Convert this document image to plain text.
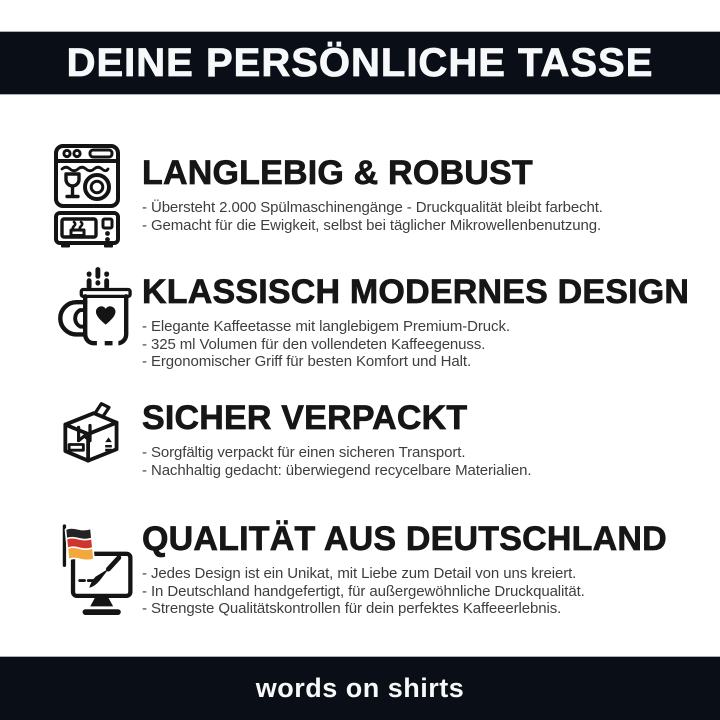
DEINE PERSÖNLICHE TASSE
LANGLEBIG & ROBUST
- Übersteht 2.000 Spülmaschinengänge - Druckqualität bleibt farbecht.
- Gemacht für die Ewigkeit, selbst bei täglicher Mikrowellenbenutzung.
KLASSISCH MODERNES DESIGN
- Elegante Kaffeetasse mit langlebigem Premium-Druck.
- 325 ml Volumen für den vollendeten Kaffeegenuss.
- Ergonomischer Griff für besten Komfort und Halt.
SICHER VERPACKT
- Sorgfältig verpackt für einen sicheren Transport.
- Nachhaltig gedacht: überwiegend recycelbare Materialien.
QUALITÄT AUS DEUTSCHLAND
- Jedes Design ist ein Unikat, mit Liebe zum Detail von uns kreiert.
- In Deutschland handgefertigt, für außergewöhnliche Druckqualität.
- Strengste Qualitätskontrollen für dein perfektes Kaffeeerlebnis.
words on shirts
